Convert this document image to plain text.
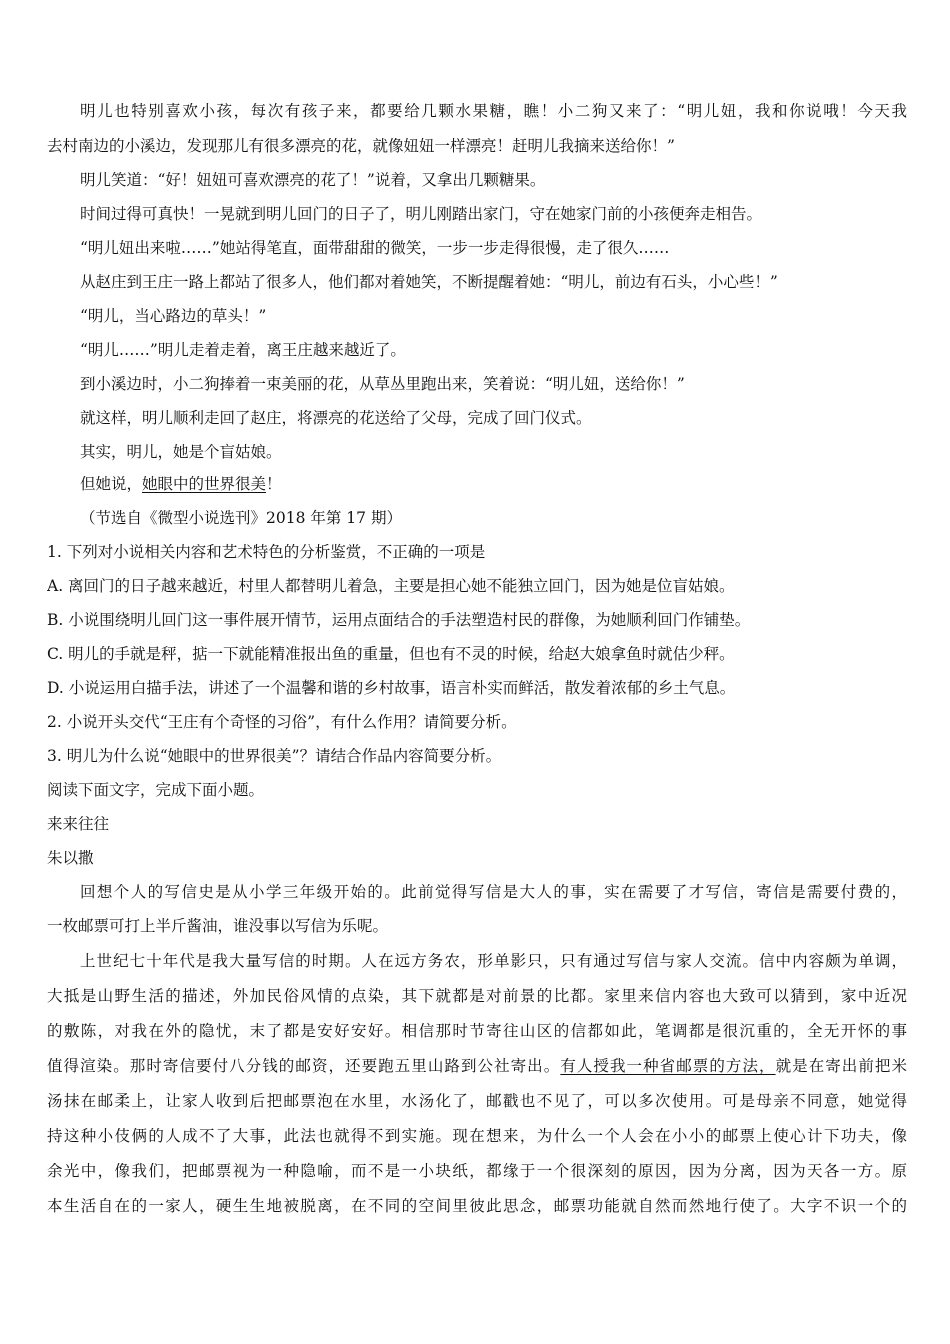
明儿也特别喜欢小孩，每次有孩子来，都要给几颗水果糖，瞧！小二狗又来了：“明儿妞，我和你说哦！今天我
去村南边的小溪边，发现那儿有很多漂亮的花，就像妞妞一样漂亮！赶明儿我摘来送给你！”
明儿笑道：“好！妞妞可喜欢漂亮的花了！”说着，又拿出几颗糖果。
时间过得可真快！一晃就到明儿回门的日子了，明儿刚踏出家门，守在她家门前的小孩便奔走相告。
“明儿妞出来啦……”她站得笔直，面带甜甜的微笑，一步一步走得很慢，走了很久……
从赵庄到王庄一路上都站了很多人，他们都对着她笑，不断提醒着她：“明儿，前边有石头，小心些！”
“明儿，当心路边的草头！”
“明儿……”明儿走着走着，离王庄越来越近了。
到小溪边时，小二狗捧着一束美丽的花，从草丛里跑出来，笑着说：“明儿妞，送给你！”
就这样，明儿顺利走回了赵庄，将漂亮的花送给了父母，完成了回门仪式。
其实，明儿，她是个盲姑娘。
但她说，她眼中的世界很美！
（节选自《微型小说选刊》2018 年第 17 期）
1. 下列对小说相关内容和艺术特色的分析鉴赏，不正确的一项是
A. 离回门的日子越来越近，村里人都替明儿着急，主要是担心她不能独立回门，因为她是位盲姑娘。
B. 小说围绕明儿回门这一事件展开情节，运用点面结合的手法塑造村民的群像，为她顺利回门作铺垫。
C. 明儿的手就是秤，掂一下就能精准报出鱼的重量，但也有不灵的时候，给赵大娘拿鱼时就估少秤。
D. 小说运用白描手法，讲述了一个温馨和谐的乡村故事，语言朴实而鲜活，散发着浓郁的乡土气息。
2. 小说开头交代“王庄有个奇怪的习俗”，有什么作用？请简要分析。
3. 明儿为什么说“她眼中的世界很美”？请结合作品内容简要分析。
阅读下面文字，完成下面小题。
来来往往
朱以撒
回想个人的写信史是从小学三年级开始的。此前觉得写信是大人的事，实在需要了才写信，寄信是需要付费的，
一枚邮票可打上半斤酱油，谁没事以写信为乐呢。
上世纪七十年代是我大量写信的时期。人在远方务农，形单影只，只有通过写信与家人交流。信中内容颇为单调，
大抵是山野生活的描述，外加民俗风情的点染，其下就都是对前景的比都。家里来信内容也大致可以猜到，家中近况
的敷陈，对我在外的隐忧，末了都是安好安好。相信那时节寄往山区的信都如此，笔调都是很沉重的，全无开怀的事
值得渲染。那时寄信要付八分钱的邮资，还要跑五里山路到公社寄出。有人授我一种省邮票的方法，就是在寄出前把米
汤抹在邮柔上，让家人收到后把邮票泡在水里，水汤化了，邮戳也不见了，可以多次使用。可是母亲不同意，她觉得
持这种小伎俩的人成不了大事，此法也就得不到实施。现在想来，为什么一个人会在小小的邮票上使心计下功夫，像
余光中，像我们，把邮票视为一种隐喻，而不是一小块纸，都缘于一个很深刻的原因，因为分离，因为天各一方。原
本生活自在的一家人，硬生生地被脱离，在不同的空间里彼此思念，邮票功能就自然而然地行使了。大字不识一个的
